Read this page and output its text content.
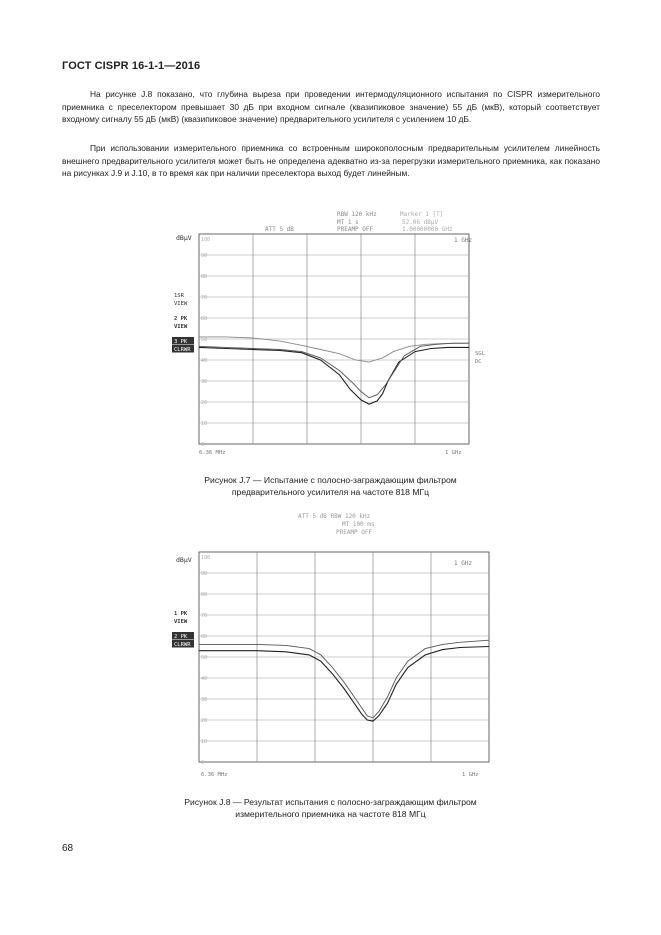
ГОСТ CISPR 16-1-1—2016

На рисунке J.8 показано, что глубина выреза при проведении интермодуляционного испытания по CISPR измерительного приемника с преселектором превышает 30 дБ при входном сигнале (квазипиковое значение) 55 дБ (мкВ), который соответствует входному сигналу 55 дБ (мкВ) (квазипиковое значение) предварительного усилителя с усилением 10 дБ.

При использовании измерительного приемника со встроенным широкополосным предварительным усилителем линейность внешнего предварительного усилителя может быть не определена адекватно из-за перегрузки измерительного приемника, как показано на рисунках J.9 и J.10, в то время как при наличии преселектора выход будет линейным.

RBW 120 kHz	Marker 1 [T]
MT 1 s	52.06 dBμV
ATT 5 dB	PREAMP OFF	1.00000000 GHz
dBμV	1 GHz
100
90
80
70
60
50
40
30
20
10
0
1SR
VIEW
2 PK
VIEW
3 PK
CLRWR
SGL
DC
6.36 MHz	1 GHz
Рисунок J.7 — Испытание с полосно-заграждающим фильтром
предварительного усилителя на частоте 818 МГц
ATT 5 dB RBW 120 kHz
MT 100 ms
PREAMP OFF
dBμV	1 GHz
100
90
80
70
60
50
40
30
20
10
0
1 PK
VIEW
2 PK
CLRWR
6.36 MHz	1 GHz
Рисунок J.8 — Результат испытания с полосно-заграждающим фильтром
измерительного приемника на частоте 818 МГц
68
